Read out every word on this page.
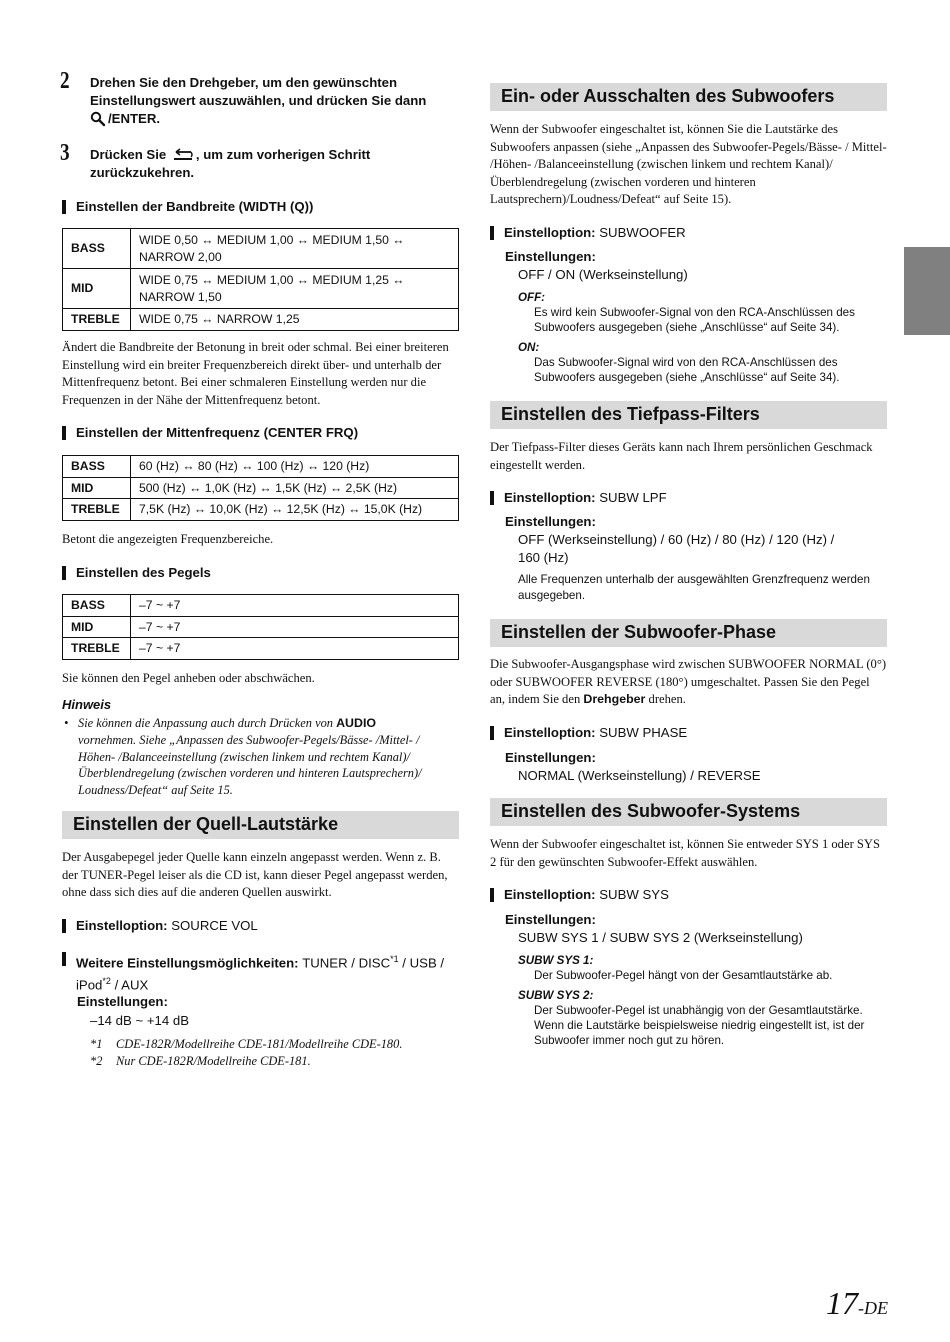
2 Drehen Sie den Drehgeber, um den gewünschten
Einstellungswert auszuwählen, und drücken Sie dann
/ENTER.
3 Drücken Sie , um zum vorherigen Schritt
zurückzukehren.
Einstellen der Bandbreite (WIDTH (Q))
BASS	WIDE 0,50 ↔ MEDIUM 1,00 ↔ MEDIUM 1,50 ↔
NARROW 2,00

MID	WIDE 0,75 ↔ MEDIUM 1,00 ↔ MEDIUM 1,25 ↔
NARROW 1,50

TREBLE	WIDE 0,75 ↔ NARROW 1,25
Ändert die Bandbreite der Betonung in breit oder schmal. Bei einer breiteren Einstellung wird ein breiter Frequenzbereich direkt über- und unterhalb der Mittenfrequenz betont. Bei einer schmaleren Einstellung werden nur die Frequenzen in der Nähe der Mittenfrequenz betont.
Einstellen der Mittenfrequenz (CENTER FRQ)
BASS	60 (Hz) ↔ 80 (Hz) ↔ 100 (Hz) ↔ 120 (Hz)
MID	500 (Hz) ↔ 1,0K (Hz) ↔ 1,5K (Hz) ↔ 2,5K (Hz)
TREBLE	7,5K (Hz) ↔ 10,0K (Hz) ↔ 12,5K (Hz) ↔ 15,0K (Hz)
Betont die angezeigten Frequenzbereiche.
Einstellen des Pegels
BASS	–7 ~ +7
MID	–7 ~ +7
TREBLE	–7 ~ +7
Sie können den Pegel anheben oder abschwächen.
Hinweis
• Sie können die Anpassung auch durch Drücken von AUDIO
vornehmen. Siehe „Anpassen des Subwoofer-Pegels/Bässe- /Mittel- /
Höhen- /Balanceeinstellung (zwischen linkem und rechtem Kanal)/
Überblendregelung (zwischen vorderen und hinteren Lautsprechern)/
Loudness/Defeat“ auf Seite 15.
Einstellen der Quell-Lautstärke
Der Ausgabepegel jeder Quelle kann einzeln angepasst werden. Wenn z. B. der TUNER-Pegel leiser als die CD ist, kann dieser Pegel angepasst werden, ohne dass sich dies auf die anderen Quellen auswirkt.
Einstelloption: SOURCE VOL
Weitere Einstellungsmöglichkeiten: TUNER / DISC$^{*1}$ / USB /
iPod$^{*2}$ / AUX
Einstellungen:
–14 dB ~ +14 dB
*1 CDE-182R/Modellreihe CDE-181/Modellreihe CDE-180.
*2 Nur CDE-182R/Modellreihe CDE-181.
Ein- oder Ausschalten des Subwoofers
Wenn der Subwoofer eingeschaltet ist, können Sie die Lautstärke des Subwoofers anpassen (siehe „Anpassen des Subwoofer-Pegels/Bässe- / Mittel- /Höhen- /Balanceeinstellung (zwischen linkem und rechtem Kanal)/Überblendregelung (zwischen vorderen und hinteren Lautsprechern)/Loudness/Defeat“ auf Seite 15).
Einstelloption: SUBWOOFER
Einstellungen:
OFF / ON (Werkseinstellung)
OFF:
Es wird kein Subwoofer-Signal von den RCA-Anschlüssen des Subwoofers ausgegeben (siehe „Anschlüsse“ auf Seite 34).
ON:
Das Subwoofer-Signal wird von den RCA-Anschlüssen des Subwoofers ausgegeben (siehe „Anschlüsse“ auf Seite 34).
Einstellen des Tiefpass-Filters
Der Tiefpass-Filter dieses Geräts kann nach Ihrem persönlichen Geschmack eingestellt werden.
Einstelloption: SUBW LPF
Einstellungen:
OFF (Werkseinstellung) / 60 (Hz) / 80 (Hz) / 120 (Hz) /
160 (Hz)
Alle Frequenzen unterhalb der ausgewählten Grenzfrequenz werden ausgegeben.
Einstellen der Subwoofer-Phase
Die Subwoofer-Ausgangsphase wird zwischen SUBWOOFER NORMAL (0°) oder SUBWOOFER REVERSE (180°) umgeschaltet. Passen Sie den Pegel an, indem Sie den Drehgeber drehen.
Einstelloption: SUBW PHASE
Einstellungen:
NORMAL (Werkseinstellung) / REVERSE
Einstellen des Subwoofer-Systems
Wenn der Subwoofer eingeschaltet ist, können Sie entweder SYS 1 oder SYS 2 für den gewünschten Subwoofer-Effekt auswählen.
Einstelloption: SUBW SYS
Einstellungen:
SUBW SYS 1 / SUBW SYS 2 (Werkseinstellung)
SUBW SYS 1:
Der Subwoofer-Pegel hängt von der Gesamtlautstärke ab.
SUBW SYS 2:
Der Subwoofer-Pegel ist unabhängig von der Gesamtlautstärke. Wenn die Lautstärke beispielsweise niedrig eingestellt ist, ist der Subwoofer immer noch gut zu hören.
17-DE
